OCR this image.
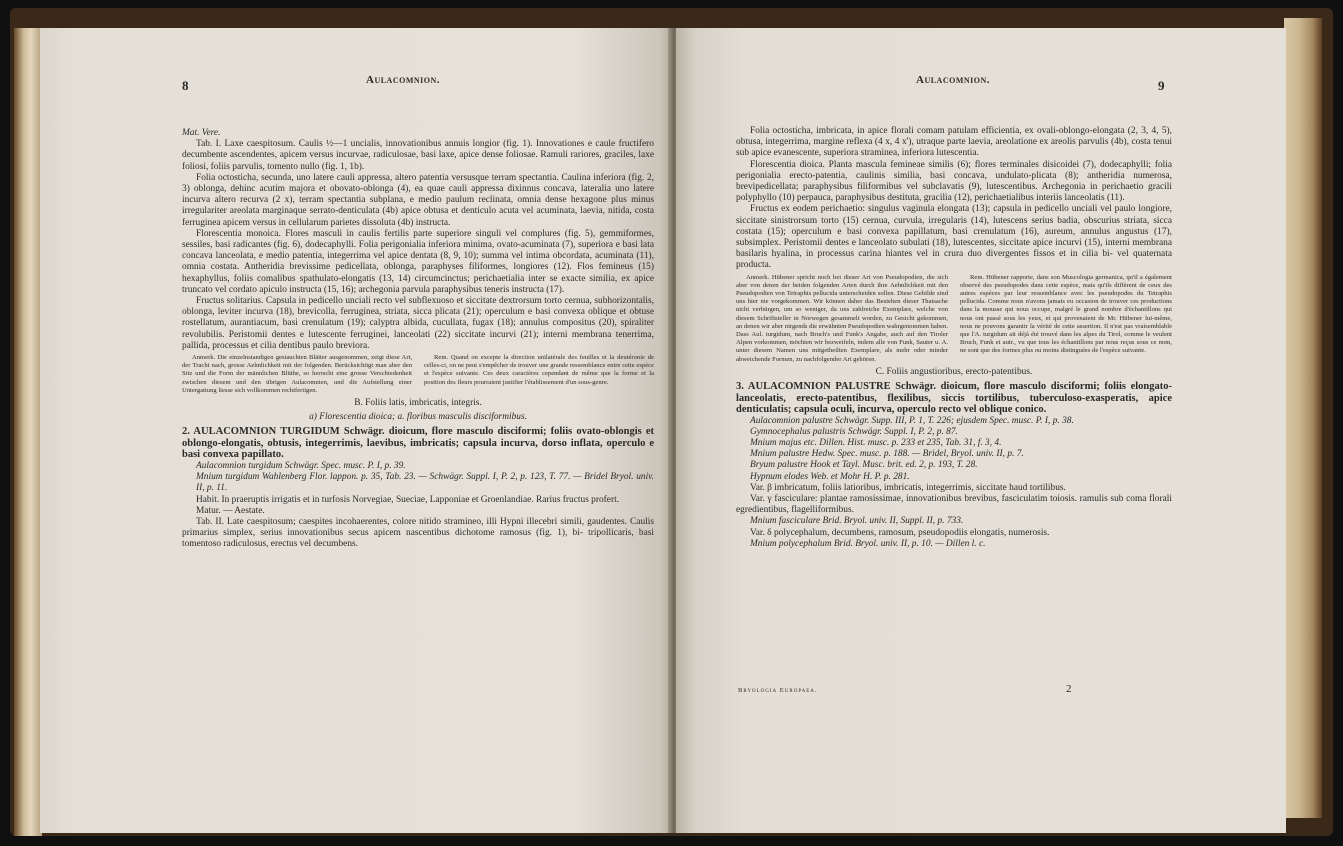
8	Aulacomnion.

Mat. Vere.

Tab. I. Laxe caespitosum. Caulis ½—1 uncialis, innovationibus annuis longior (fig. 1). Innovationes e caule fructifero decumbente ascendentes, apicem versus incurvae, radiculosae, basi laxe, apice dense foliosae. Ramuli rariores, graciles, laxe foliosi, foliis parvulis, tomento nullo (fig. 1, 1b).

Folia octosticha, secunda, uno latere cauli appressa, altero patentia versusque terram spectantia. Caulina inferiora (fig. 2, 3) oblonga, dehinc acutim majora et obovato-oblonga (4), ea quae cauli appressa dixinnus concava, lateralia uno latere incurva altero recurva (2 x), terram spectantia subplana, e medio paulum reclinata, omnia dense hexagone plus minus irregulariter areolata marginaque serrato-denticulata (4b) apice obtusa et denticulo acuta vel acuminata, laevia, nitida, costa ferruginea apicem versus in cellularum parietes dissoluta (4b) instructa.

Florescentia monoica. Flores masculi in caulis fertilis parte superiore singuli vel complures (fig. 5), gemmiformes, sessiles, basi radicantes (fig. 6), dodecaphylli. Folia perigonialia inferiora minima, ovato-acuminata (7), superiora e basi lata concava lanceolata, e medio patentia, integerrima vel apice dentata (8, 9, 10); summa vel intima obcordata, acuminata (11), omnia costata. Antheridia brevissime pedicellata, oblonga, paraphyses filiformes, longiores (12). Flos femineus (15) hexaphyllus, foliis comalibus spathulato-elongatis (13, 14) circumcinctus; perichaetialia inter se exacte similia, ex apice truncato vel cordato apiculo instructa (15, 16); archegonia parvula paraphysibus teneris instructa (17).

Fructus solitarius. Capsula in pedicello unciali recto vel subflexuoso et siccitate dextrorsum torto cernua, subhorizontalis, oblonga, leviter incurva (18), brevicolla, ferruginea, striata, sicca plicata (21); operculum e basi convexa oblique et obtuse rostellatum, aurantiacum, basi crenulatum (19); calyptra albida, cucullata, fugax (18); annulus compositus (20), spiraliter revolubilis. Peristomii dentes e lutescente ferruginei, lanceolati (22) siccitate incurvi (21); interni membrana tenerrima, pallida, processus et cilia dentibus paulo breviora.

Anmerk. Die einzelnstandigen gestauchten Blätter ausgenommen, zeigt diese Art, der Tracht nach, grosse Aehnlichkeit mit der folgenden. Berücksichtigt man aber den Sitz und die Form der männlichen Blüthe, so herrscht eine grosse Verschiedenheit zwischen diesem und den übrigen Aulacomnien, und die Aufstellung einer Untergattung liesse sich vollkommen rechtfertigen.

Rem. Quand on excepte la direction unilatérale des feuilles et la deutéronie de celles-ci, on ne peut s'empêcher de trouver une grande ressemblance entre cette espèce et l'espèce suivante. Ces deux caractères cependant de même que la forme et la position des fleurs pourraient justifier l'établissement d'un sous-genre.

B. Foliis latis, imbricatis, integris.

a) Florescentia dioica; a. floribus masculis disciformibus.

2. AULACOMNION TURGIDUM Schwägr. dioicum, flore masculo disciformi; foliis ovato-oblongis et oblongo-elongatis, obtusis, integerrimis, laevibus, imbricatis; capsula incurva, dorso inflata, operculo e basi convexa papillato.

Aulacomnion turgidum Schwägr. Spec. musc. P. I, p. 39.

Mnium turgidum Wahlenberg Flor. lappon. p. 35, Tab. 23. — Schwägr. Suppl. I, P. 2, p. 123, T. 77. — Bridel Bryol. univ. II, p. 11.

Habit. In praeruptis irrigatis et in turfosis Norvegiae, Sueciae, Lapponiae et Groenlandiae. Rarius fructus profert.

Matur. — Aestate.

Tab. II. Late caespitosum; caespites incohaerentes, colore nitido stramineo, illi Hypni illecebri simili, gaudentes. Caulis primarius simplex, serius innovationibus secus apicem nascentibus dichotome ramosus (fig. 1), bi- tripollicaris, basi tomentoso radiculosus, erectus vel decumbens.

Aulacomnion.	9

Folia octosticha, imbricata, in apice florali comam patulam efficientia, ex ovali-oblongo-elongata (2, 3, 4, 5), obtusa, integerrima, margine reflexa (4 x, 4 x'), utraque parte laevia, areolatione ex areolis parvulis (4b), costa tenui sub apice evanescente, superiora straminea, inferiora lutescentia.

Florescentia dioica. Planta mascula femineae similis (6); flores terminales disicoidei (7), dodecaphylli; folia perigonialia erecto-patentia, caulinis similia, basi concava, undulato-plicata (8); antheridia numerosa, brevipedicellata; paraphysibus filiformibus vel subclavatis (9), lutescentibus. Archegonia in perichaetio gracili polyphyllo (10) perpauca, paraphysibus destituta, gracilia (12), perichaetialibus interiis lanceolatis (11).

Fructus ex eodem perichaetio: singulus vaginula elongata (13); capsula in pedicello unciali vel paulo longiore, siccitate sinistrorsum torto (15) cernua, curvula, irregularis (14), lutescens serius badia, obscurius striata, sicca costata (15); operculum e basi convexa papillatum, basi crenulatum (16), aureum, annulus angustus (17), subsimplex. Peristomii dentes e lanceolato subulati (18), lutescentes, siccitate apice incurvi (15), interni membrana basilaris hyalina, in processus carina hiantes vel in crura duo divergentes fissos et in cilia bi- vel quaternata producta.

Anmerk. Hübener spricht noch bei dieser Art von Pseudopodien, die sich aber von denen der beiden folgenden Arten durch ihre Aehnlichkeit mit den Pseudopodien von Tetraphis pellucida unterscheiden sollen. Diese Gebilde sind uns hier nie vorgekommen. Wir können daher das Bestehen dieser Thatsache nicht verbürgen, um so weniger, da uns zahlreiche Exemplare, welche von diesem Schriftsteller in Norwegen gesammelt worden, zu Gesicht gekommen, an denen wir aber nirgends die erwähnten Pseudopodien wahrgenommen haben. Dass Aul. turgidum, nach Bruch's und Funk's Angabe, auch auf den Tiroler Alpen vorkommen, möchten wir bezweifeln, indem alle von Funk, Sauter u. A. unter diesem Namen uns mitgetheilten Exemplare, als mehr oder minder abweichende Formen, zu nachfolgender Art gehören.

Rem. Hübener rapporte, dans son Muscologia germanica, qu'il a également observé des pseudopodes dans cette espèce, mais qu'ils diffèrent de ceux des autres espèces par leur ressemblance avec les pseudopodes du Tetraphis pellucida. Comme nous n'avons jamais eu occasion de trouver ces productions dans la mousse qui nous occupe, malgré le grand nombre d'échantillons qui nous ont passé sous les yeux, et qui provenaient de Mr. Hübener lui-même, nous ne pouvons garantir la vérité de cette assertion. Il n'est pas vraisemblable que l'A. turgidum ait déjà été trouvé dans les alpes du Tirol, comme le veulent Bruch, Funk et autr., vu que tous les échantillons par nous reçus sous ce nom, ne sont que des formes plus ou moins distinguées de l'espèce suivante.

C. Foliis angustioribus, erecto-patentibus.

3. AULACOMNION PALUSTRE Schwägr. dioicum, flore masculo disciformi; foliis elongato-lanceolatis, erecto-patentibus, flexilibus, siccis tortilibus, tuberculoso-exasperatis, apice denticulatis; capsula oculi, incurva, operculo recto vel oblique conico.

Aulacomnion palustre Schwägr. Supp. III, P. 1, T. 226; ejusdem Spec. musc. P. I, p. 38.

Gymnocephalus palustris Schwägr. Suppl. I, P. 2, p. 87.

Mnium majus etc. Dillen. Hist. musc. p. 233 et 235, Tab. 31, f. 3, 4.

Mnium palustre Hedw. Spec. musc. p. 188. — Bridel, Bryol. univ. II, p. 7.

Bryum palustre Hook et Tayl. Musc. brit. ed. 2, p. 193, T. 28.

Hypnum elodes Web. et Mohr H. P. p. 281.

Var. β imbricatum, foliis latioribus, imbricatis, integerrimis, siccitate haud tortilibus.

Var. γ fasciculare: plantae ramosissimae, innovationibus brevibus, fasciculatim toiosis. ramulis sub coma florali egredientibus, flagelliformibus.

Mnium fasciculare Brid. Bryol. univ. II, Suppl. II, p. 733.

Var. δ polycephalum, decumbens, ramosum, pseudopodiis elongatis, numerosis.

Mnium polycephalum Brid. Bryol. univ. II, p. 10. — Dillen l. c.

Bryologia Europaea.	2
